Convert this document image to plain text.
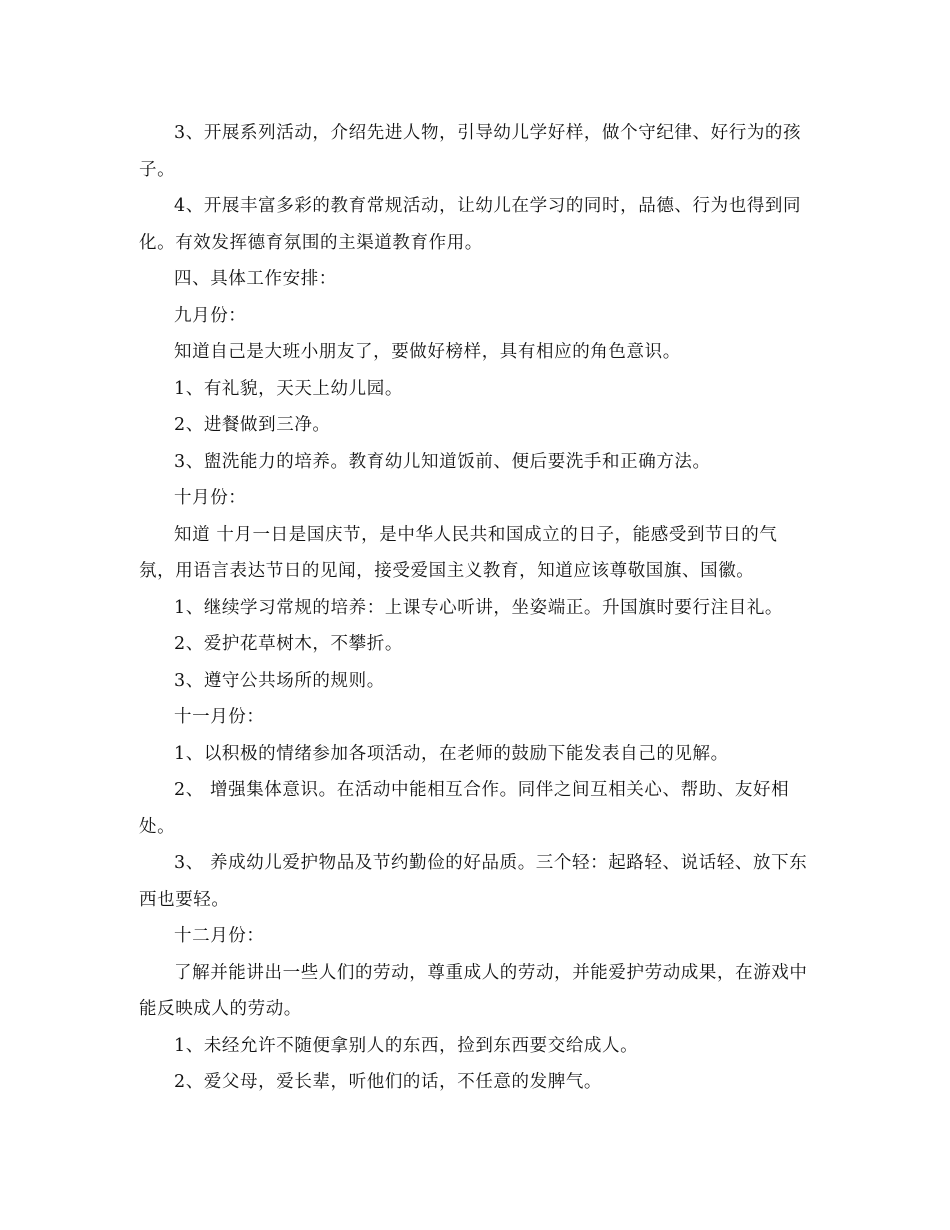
3、开展系列活动，介绍先进人物，引导幼儿学好样，做个守纪律、好行为的孩子。

4、开展丰富多彩的教育常规活动，让幼儿在学习的同时，品德、行为也得到同化。有效发挥德育氛围的主渠道教育作用。

四、具体工作安排：

九月份：

知道自己是大班小朋友了，要做好榜样，具有相应的角色意识。

1、有礼貌，天天上幼儿园。

2、进餐做到三净。

3、盥洗能力的培养。教育幼儿知道饭前、便后要洗手和正确方法。

十月份：

知道 十月一日是国庆节，是中华人民共和国成立的日子，能感受到节日的气氛，用语言表达节日的见闻，接受爱国主义教育，知道应该尊敬国旗、国徽。

1、继续学习常规的培养：上课专心听讲，坐姿端正。升国旗时要行注目礼。

2、爱护花草树木，不攀折。

3、遵守公共场所的规则。

十一月份：

1、以积极的情绪参加各项活动，在老师的鼓励下能发表自己的见解。

2、 增强集体意识。在活动中能相互合作。同伴之间互相关心、帮助、友好相处。

3、 养成幼儿爱护物品及节约勤俭的好品质。三个轻：起路轻、说话轻、放下东西也要轻。

十二月份：

了解并能讲出一些人们的劳动，尊重成人的劳动，并能爱护劳动成果，在游戏中能反映成人的劳动。

1、未经允许不随便拿别人的东西，捡到东西要交给成人。

2、爱父母，爱长辈，听他们的话，不任意的发脾气。
